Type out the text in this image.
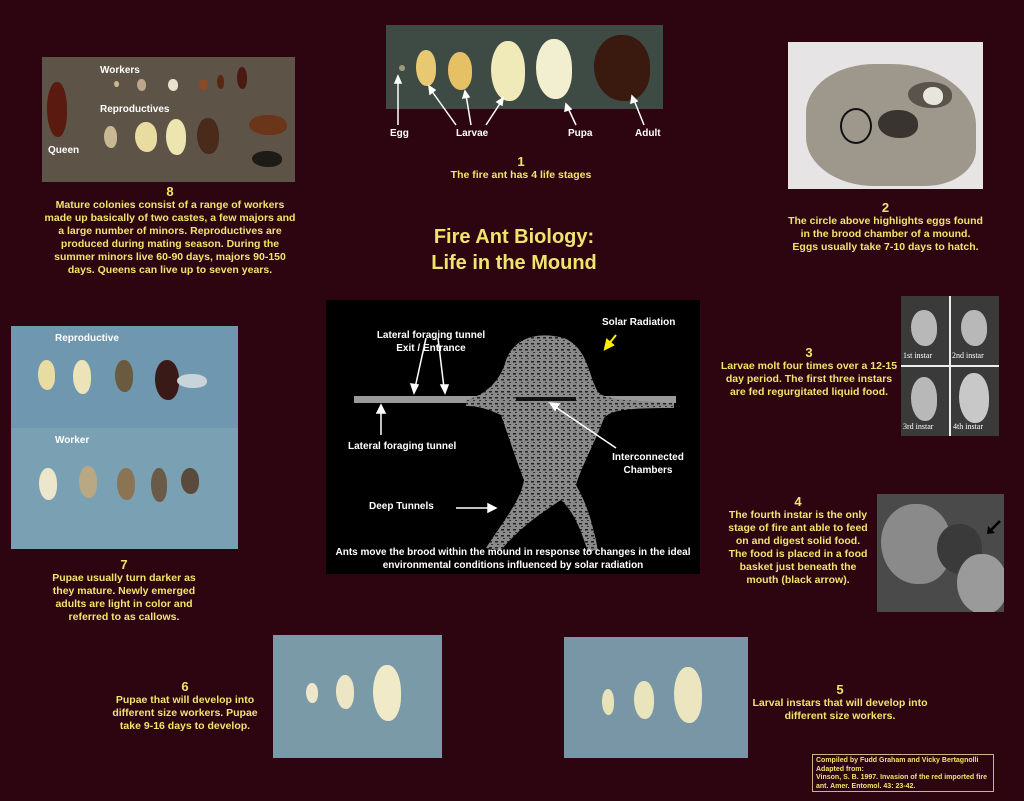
Workers
Reproductives
Queen
8
Mature colonies consist of a range of workers made up basically of two castes, a few majors and a large number of minors. Reproductives are produced during mating season. During the summer minors live 60-90 days, majors 90-150 days. Queens can live up to seven years.
Egg	Larvae	Pupa	Adult
1
The fire ant has 4 life stages
2
The circle above highlights eggs found in the brood chamber of a mound. Eggs usually take 7-10 days to hatch.
Fire Ant Biology:
Life in the Mound
3
Larvae molt four times over a 12-15 day period. The first three instars are fed regurgitated liquid food.
1st instar 2nd instar
3rd instar 4th instar
4
The fourth instar is the only stage of fire ant able to feed on and digest solid food. The food is placed in a food basket just beneath the mouth (black arrow).
Solar Radiation
Lateral foraging tunnel
Exit / Entrance
Lateral foraging tunnel
Interconnected
Chambers
Deep Tunnels
Ants move the brood within the mound in response to changes in the ideal environmental conditions influenced by solar radiation
Reproductive
Worker
7
Pupae usually turn darker as they mature. Newly emerged adults are light in color and referred to as callows.
6
Pupae that will develop into different size workers. Pupae take 9-16 days to develop.
5
Larval instars that will develop into different size workers.
Compiled by Fudd Graham and Vicky Bertagnolli
Adapted from:
Vinson, S. B. 1997. Invasion of the red imported fire ant. Amer. Entomol. 43: 23-42.
